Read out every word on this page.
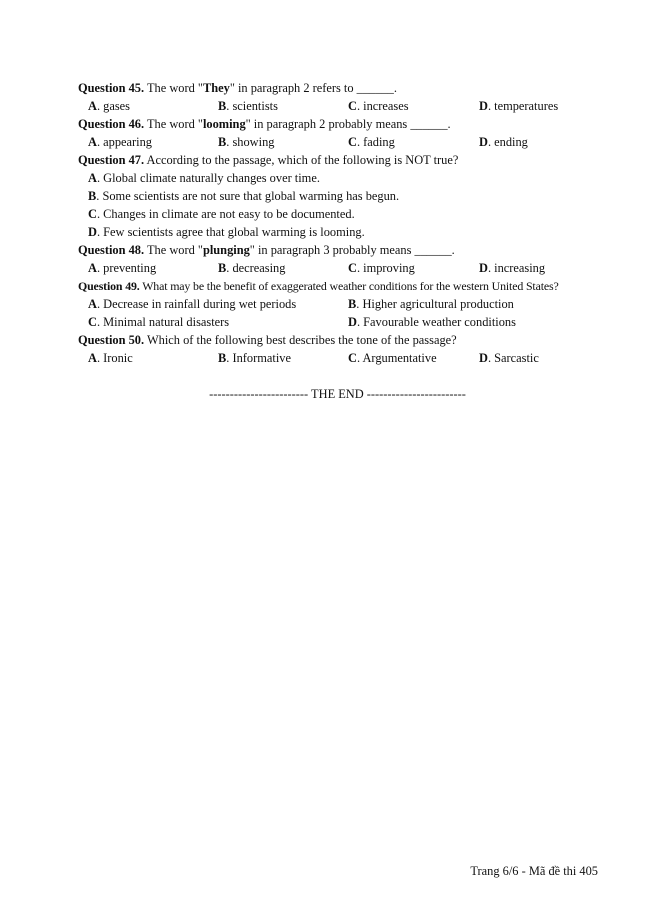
Question 45. The word "They" in paragraph 2 refers to ______.
A. gases	B. scientists	C. increases	D. temperatures
Question 46. The word "looming" in paragraph 2 probably means ______.
A. appearing	B. showing	C. fading	D. ending
Question 47. According to the passage, which of the following is NOT true?
A. Global climate naturally changes over time.
B. Some scientists are not sure that global warming has begun.
C. Changes in climate are not easy to be documented.
D. Few scientists agree that global warming is looming.
Question 48. The word "plunging" in paragraph 3 probably means ______.
A. preventing	B. decreasing	C. improving	D. increasing
Question 49. What may be the benefit of exaggerated weather conditions for the western United States?
A. Decrease in rainfall during wet periods	B. Higher agricultural production
C. Minimal natural disasters	D. Favourable weather conditions
Question 50. Which of the following best describes the tone of the passage?
A. Ironic	B. Informative	C. Argumentative	D. Sarcastic
------------------------ THE END ------------------------
Trang 6/6 - Mã đề thi 405
